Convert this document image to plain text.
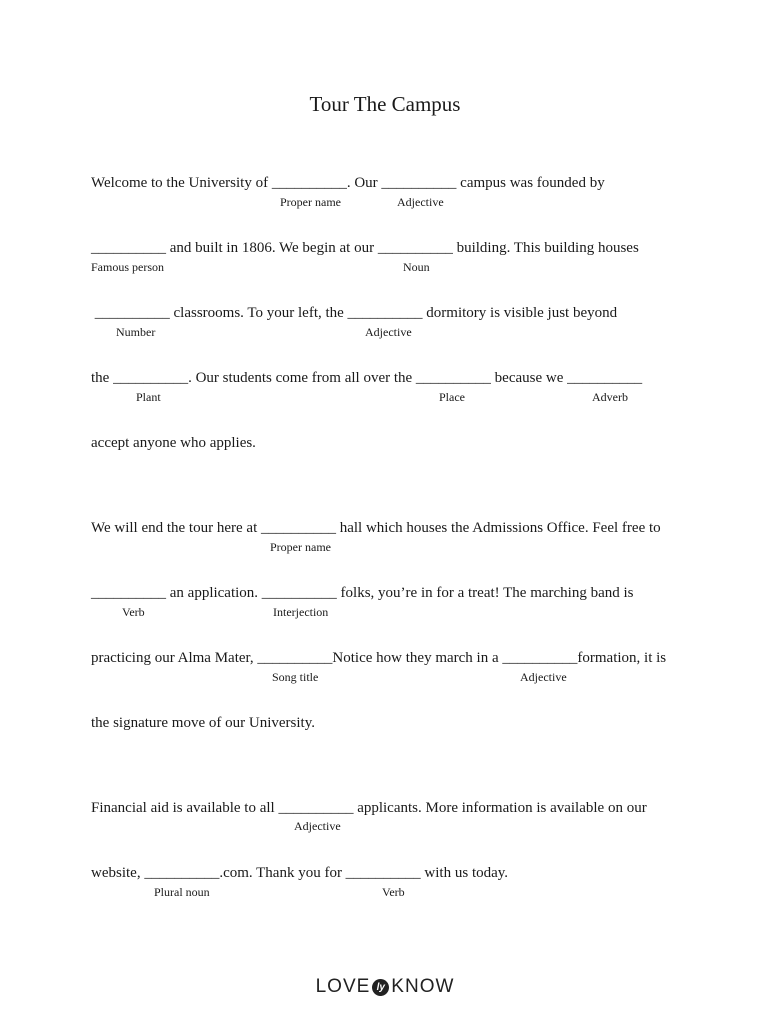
Tour The Campus
Welcome to the University of __________. Our __________ campus was founded by
Proper name	Adjective
__________ and built in 1806. We begin at our __________ building. This building houses
Famous person	Noun
__________ classrooms. To your left, the __________ dormitory is visible just beyond
Number	Adjective
the __________. Our students come from all over the __________ because we __________
Plant	Place	Adverb
accept anyone who applies.
We will end the tour here at __________ hall which houses the Admissions Office. Feel free to
Proper name
__________ an application. __________ folks, you’re in for a treat! The marching band is
Verb	Interjection
practicing our Alma Mater, __________Notice how they march in a __________formation, it is
Song title	Adjective
the signature move of our University.
Financial aid is available to all __________ applicants. More information is available on our
Adjective
website, __________.com. Thank you for __________ with us today.
Plural noun	Verb
LOVE ly KNOW
